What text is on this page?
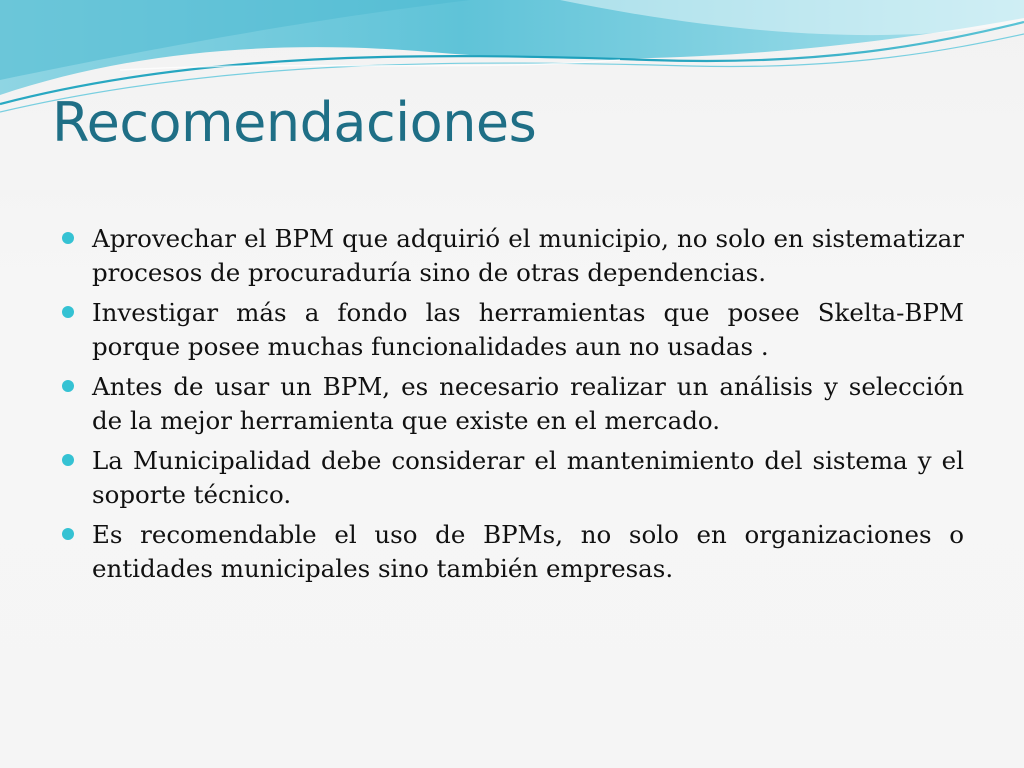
Recomendaciones
Aprovechar el BPM que adquirió el municipio, no solo en sistematizar procesos de procuraduría sino de otras dependencias.
Investigar más a fondo las herramientas que posee Skelta-BPM porque posee muchas funcionalidades aun no usadas .
Antes de usar un BPM, es necesario realizar un análisis y selección de la mejor herramienta que existe en el mercado.
La Municipalidad debe considerar el mantenimiento del sistema y el soporte técnico.
Es recomendable el uso de BPMs, no solo en organizaciones o entidades municipales sino también empresas.
